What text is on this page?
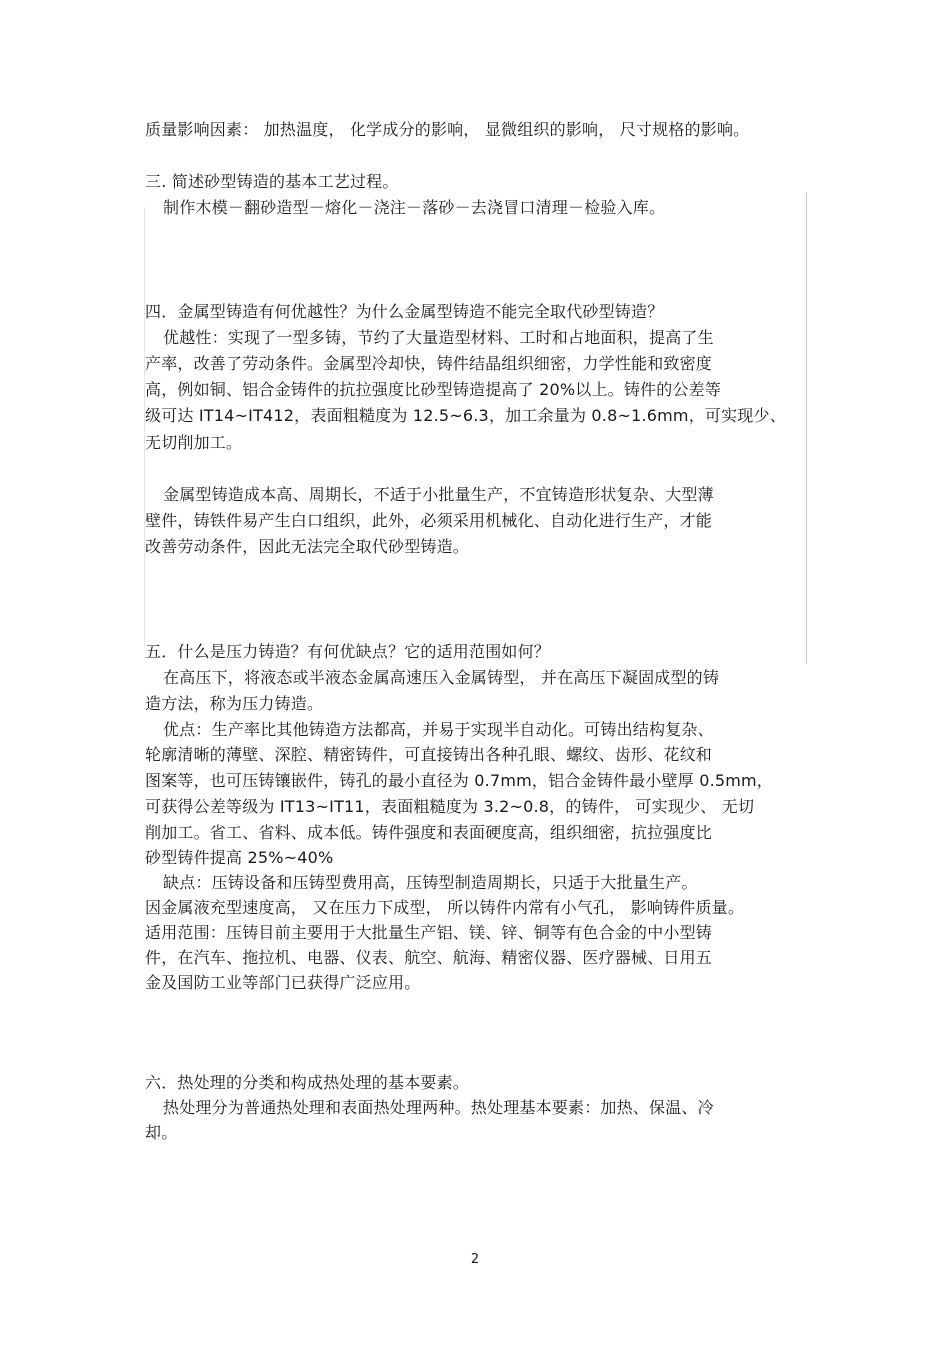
质量影响因素： 加热温度， 化学成分的影响， 显微组织的影响， 尺寸规格的影响。

三. 简述砂型铸造的基本工艺过程。

制作木模－翻砂造型－熔化－浇注－落砂－去浇冒口清理－检验入库。

四．金属型铸造有何优越性？为什么金属型铸造不能完全取代砂型铸造？

优越性：实现了一型多铸，节约了大量造型材料、工时和占地面积，提高了生

产率，改善了劳动条件。金属型冷却快，铸件结晶组织细密，力学性能和致密度

高，例如铜、铝合金铸件的抗拉强度比砂型铸造提高了 20%以上。铸件的公差等

级可达 IT14~IT412，表面粗糙度为 12.5~6.3，加工余量为 0.8~1.6mm，可实现少、

无切削加工。

金属型铸造成本高、周期长，不适于小批量生产，不宜铸造形状复杂、大型薄

壁件，铸铁件易产生白口组织，此外，必须采用机械化、自动化进行生产，才能

改善劳动条件，因此无法完全取代砂型铸造。

五．什么是压力铸造？有何优缺点？它的适用范围如何？

在高压下，将液态或半液态金属高速压入金属铸型， 并在高压下凝固成型的铸

造方法，称为压力铸造。

优点：生产率比其他铸造方法都高，并易于实现半自动化。可铸出结构复杂、

轮廓清晰的薄壁、深腔、精密铸件，可直接铸出各种孔眼、螺纹、齿形、花纹和

图案等，也可压铸镶嵌件，铸孔的最小直径为 0.7mm，铝合金铸件最小壁厚 0.5mm，

可获得公差等级为 IT13~IT11，表面粗糙度为 3.2~0.8，的铸件， 可实现少、 无切

削加工。省工、省料、成本低。铸件强度和表面硬度高，组织细密，抗拉强度比

砂型铸件提高 25%~40%

缺点：压铸设备和压铸型费用高，压铸型制造周期长，只适于大批量生产。

因金属液充型速度高， 又在压力下成型， 所以铸件内常有小气孔， 影响铸件质量。

适用范围：压铸目前主要用于大批量生产铝、镁、锌、铜等有色合金的中小型铸

件，在汽车、拖拉机、电器、仪表、航空、航海、精密仪器、医疗器械、日用五

金及国防工业等部门已获得广泛应用。

六．热处理的分类和构成热处理的基本要素。

热处理分为普通热处理和表面热处理两种。热处理基本要素：加热、保温、冷

却。

2
